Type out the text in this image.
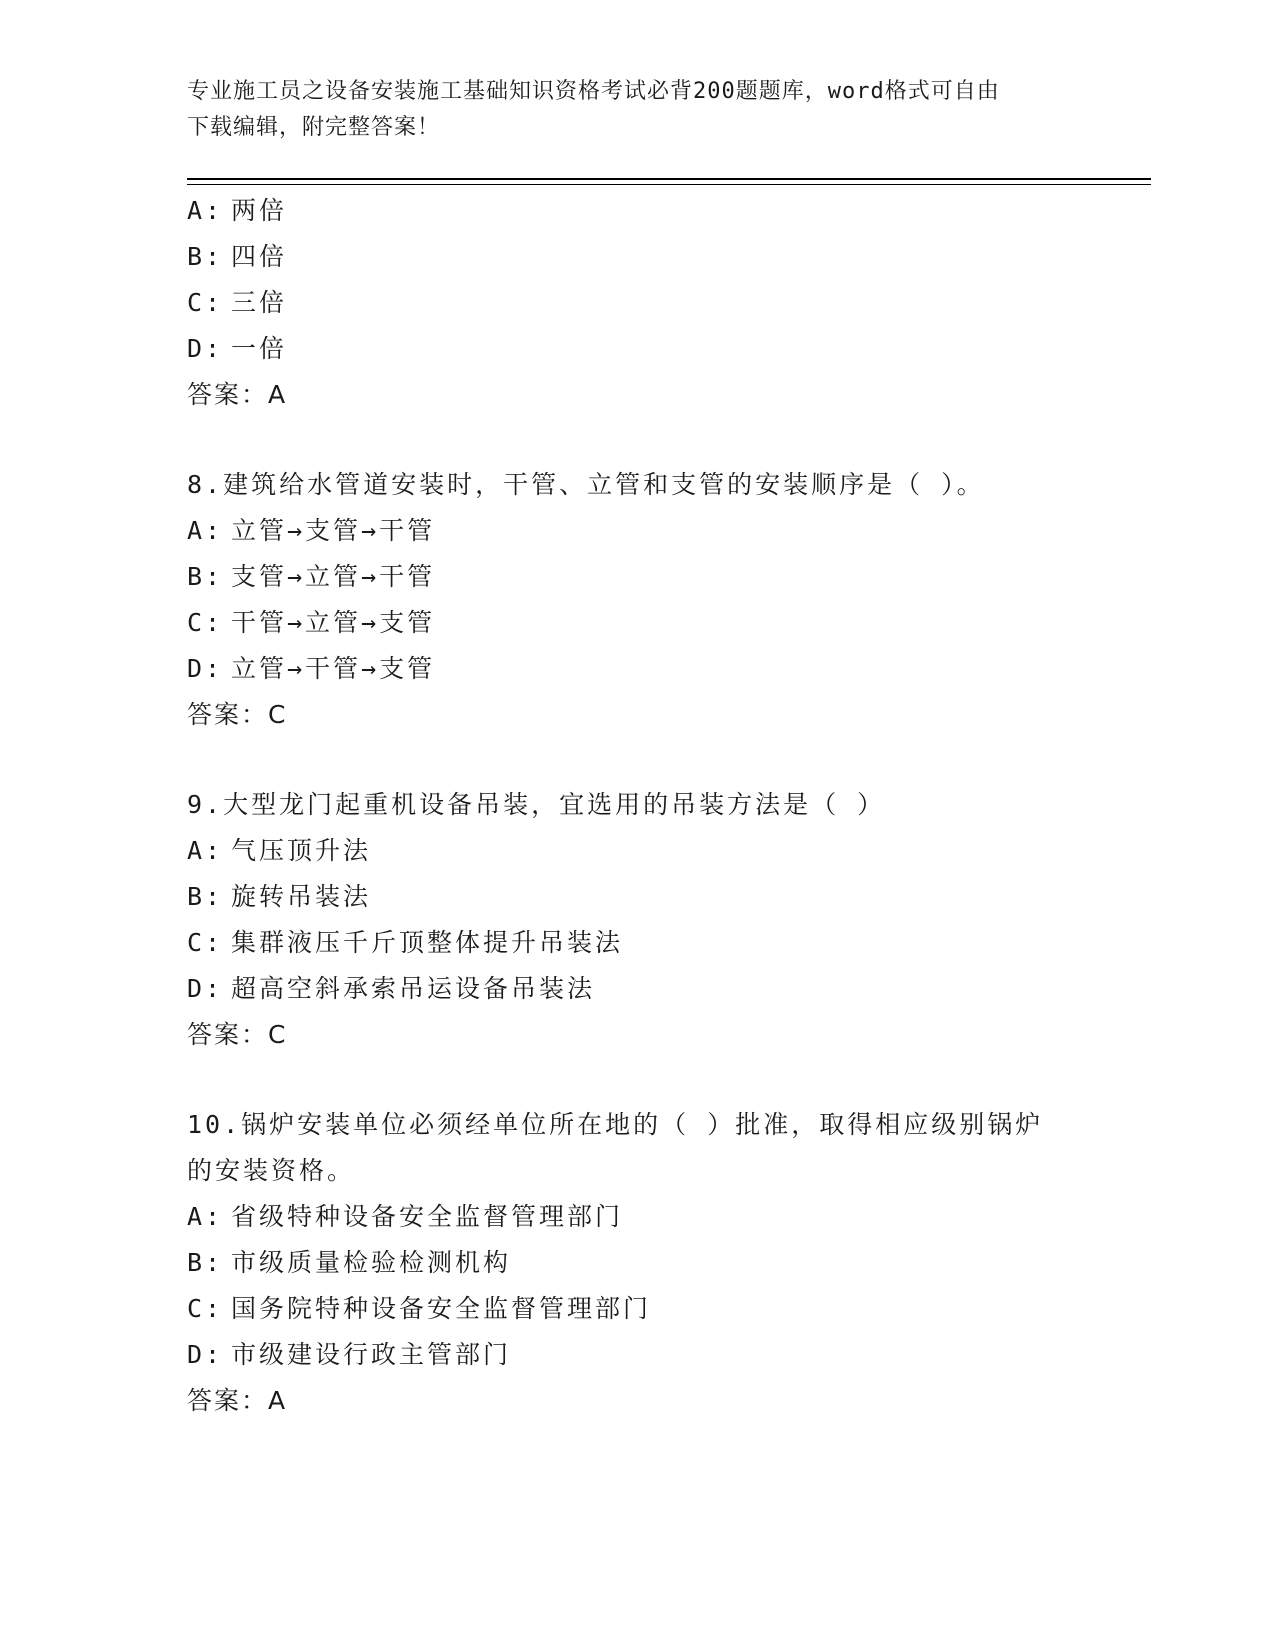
专业施工员之设备安装施工基础知识资格考试必背200题题库，word格式可自由
下载编辑，附完整答案！
A: 两倍
B: 四倍
C: 三倍
D: 一倍
答案：A
8.建筑给水管道安装时，干管、立管和支管的安装顺序是（ ）。
A: 立管→支管→干管
B: 支管→立管→干管
C: 干管→立管→支管
D: 立管→干管→支管
答案：C
9.大型龙门起重机设备吊装，宜选用的吊装方法是（ ）
A: 气压顶升法
B: 旋转吊装法
C: 集群液压千斤顶整体提升吊装法
D: 超高空斜承索吊运设备吊装法
答案：C
10.锅炉安装单位必须经单位所在地的（ ）批准，取得相应级别锅炉
的安装资格。
A: 省级特种设备安全监督管理部门
B: 市级质量检验检测机构
C: 国务院特种设备安全监督管理部门
D: 市级建设行政主管部门
答案：A
